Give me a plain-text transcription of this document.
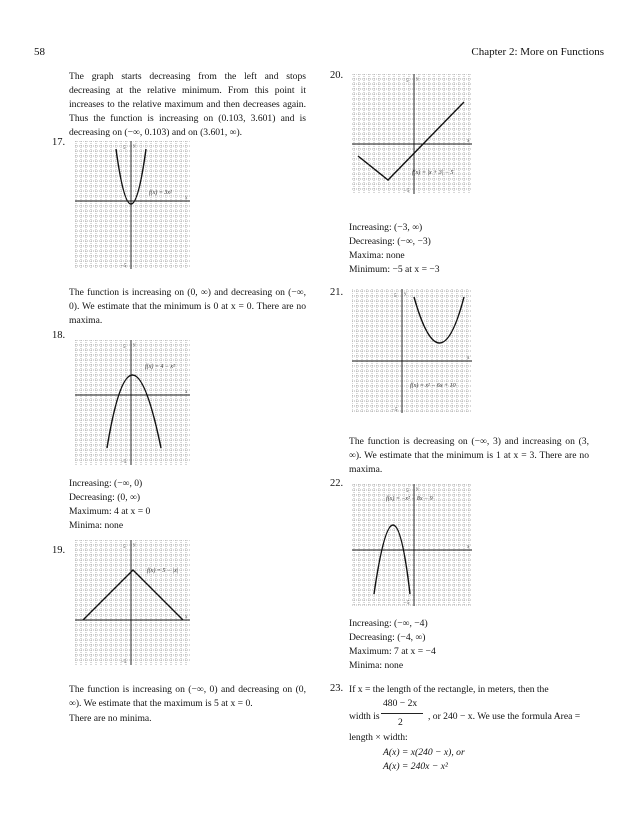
58	Chapter 2: More on Functions
The graph starts decreasing from the left and stops decreasing at the relative minimum. From this point it increases to the relative maximum and then decreases again. Thus the function is increasing on (0.103, 3.601) and is decreasing on (−∞, 0.103) and on (3.601, ∞).
17.
x
y
5
−5
f(x) = 3x²
The function is increasing on (0, ∞) and decreasing on (−∞, 0). We estimate that the minimum is 0 at x = 0. There are no maxima.
18.
x
y
5
−5
f(x) = 4 − x²
Increasing: (−∞, 0)
Decreasing: (0, ∞)
Maximum: 4 at x = 0
Minima: none
19.
x
y
5
−5
f(x) = 5 − |x|
The function is increasing on (−∞, 0) and decreasing on (0, ∞). We estimate that the maximum is 5 at x = 0.
There are no minima.
20.
x
y
5
−5
f(x) = |x + 3| − 5
Increasing: (−3, ∞)
Decreasing: (−∞, −3)
Maxima: none
Minimum: −5 at x = −3
21.
x
y
5
−5
f(x) = x² − 6x + 10
The function is decreasing on (−∞, 3) and increasing on (3, ∞). We estimate that the minimum is 1 at x = 3. There are no maxima.
22.
x
y
5
−5
f(x) = −x² − 8x − 9
Increasing: (−∞, −4)
Decreasing: (−4, ∞)
Maximum: 7 at x = −4
Minima: none
23. If x = the length of the rectangle, in meters, then the
480 − 2x
width is
2
, or 240 − x. We use the formula Area =
length × width:
A(x) = x(240 − x), or
A(x) = 240x − x²
